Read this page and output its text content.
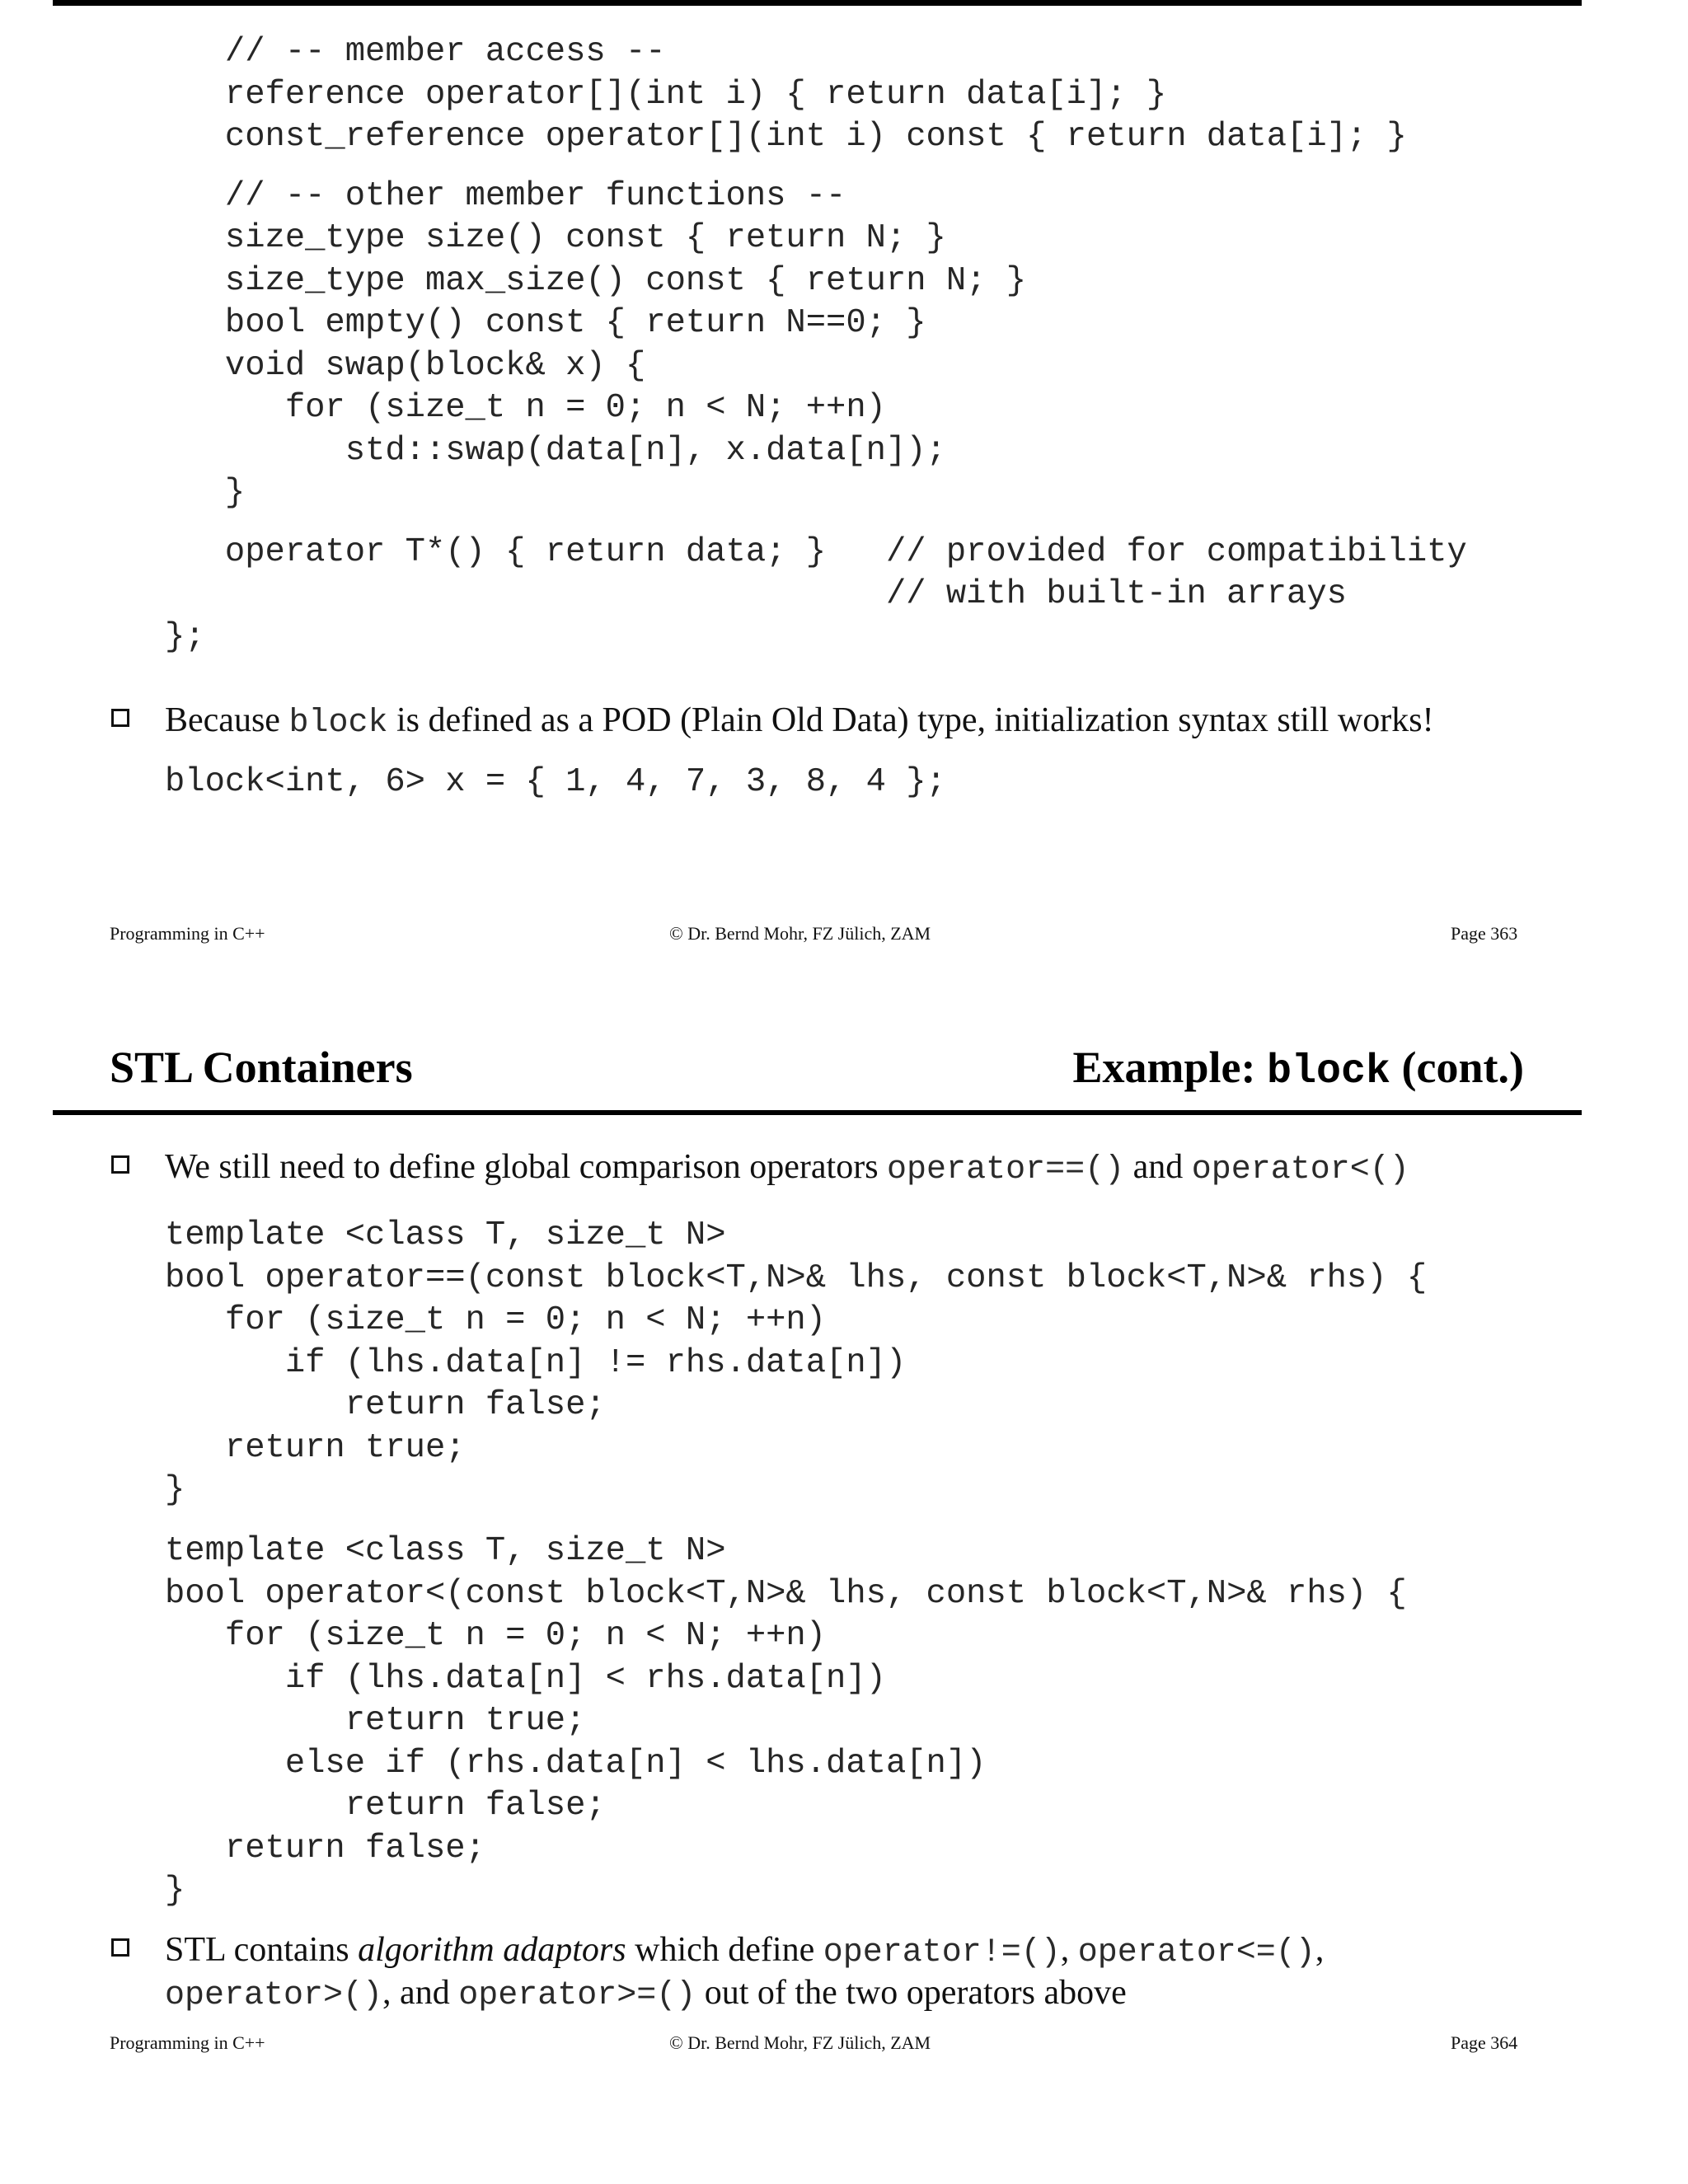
// -- member access --
reference operator[](int i) { return data[i]; }
const_reference operator[](int i) const { return data[i]; }
// -- other member functions --
size_type size() const { return N; }
size_type max_size() const { return N; }
bool empty() const { return N==0; }
void swap(block& x) {
for (size_t n = 0; n < N; ++n)
std::swap(data[n], x.data[n]);
}
operator T*() { return data; }   // provided for compatibility
// with built-in arrays
};
Because block is defined as a POD (Plain Old Data) type, initialization syntax still works!
block<int, 6> x = { 1, 4, 7, 3, 8, 4 };
Programming in C++	© Dr. Bernd Mohr, FZ Jülich, ZAM	Page 363
STL Containers	Example: block (cont.)
We still need to define global comparison operators operator==() and operator<()
template <class T, size_t N>
bool operator==(const block<T,N>& lhs, const block<T,N>& rhs) {
for (size_t n = 0; n < N; ++n)
if (lhs.data[n] != rhs.data[n])
return false;
return true;
}
template <class T, size_t N>
bool operator<(const block<T,N>& lhs, const block<T,N>& rhs) {
for (size_t n = 0; n < N; ++n)
if (lhs.data[n] < rhs.data[n])
return true;
else if (rhs.data[n] < lhs.data[n])
return false;
return false;
}
STL contains algorithm adaptors which define operator!=(), operator<=(),
operator>(), and operator>=() out of the two operators above
Programming in C++	© Dr. Bernd Mohr, FZ Jülich, ZAM	Page 364
